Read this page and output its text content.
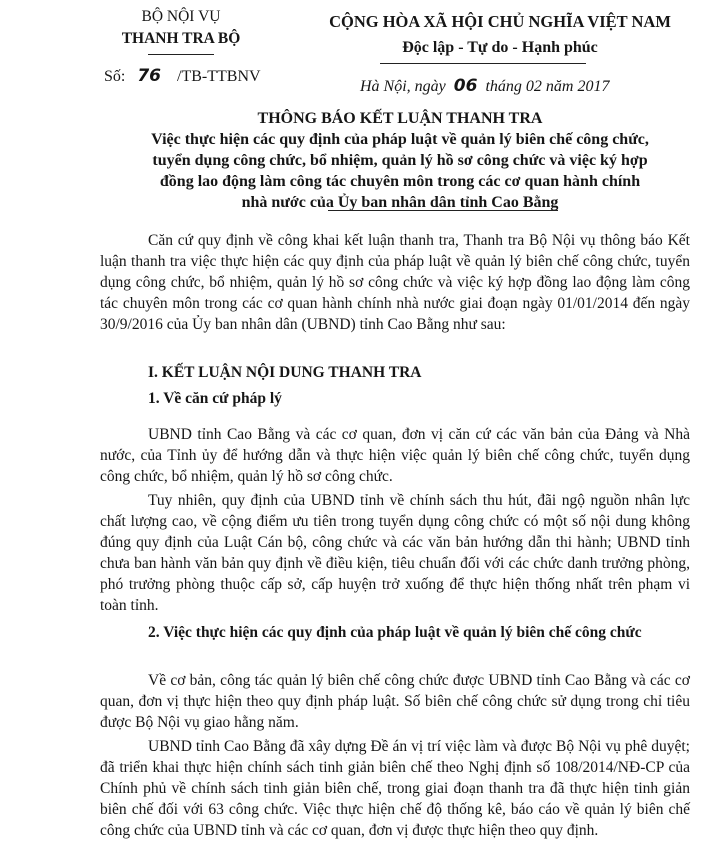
BỘ NỘI VỤ
THANH TRA BỘ
CỘNG HÒA XÃ HỘI CHỦ NGHĨA VIỆT NAM
Độc lập - Tự do - Hạnh phúc
Số: 76 /TB-TTBNV
Hà Nội, ngày 06 tháng 02 năm 2017
THÔNG BÁO KẾT LUẬN THANH TRA
Việc thực hiện các quy định của pháp luật về quản lý biên chế công chức,
tuyển dụng công chức, bổ nhiệm, quản lý hồ sơ công chức và việc ký hợp
đồng lao động làm công tác chuyên môn trong các cơ quan hành chính
nhà nước của Ủy ban nhân dân tỉnh Cao Bằng

Căn cứ quy định về công khai kết luận thanh tra, Thanh tra Bộ Nội vụ thông báo Kết luận thanh tra việc thực hiện các quy định của pháp luật về quản lý biên chế công chức, tuyển dụng công chức, bổ nhiệm, quản lý hồ sơ công chức và việc ký hợp đồng lao động làm công tác chuyên môn trong các cơ quan hành chính nhà nước giai đoạn ngày 01/01/2014 đến ngày 30/9/2016 của Ủy ban nhân dân (UBND) tỉnh Cao Bằng như sau:

I. KẾT LUẬN NỘI DUNG THANH TRA
1. Về căn cứ pháp lý

UBND tỉnh Cao Bằng và các cơ quan, đơn vị căn cứ các văn bản của Đảng và Nhà nước, của Tỉnh ủy để hướng dẫn và thực hiện việc quản lý biên chế công chức, tuyển dụng công chức, bổ nhiệm, quản lý hồ sơ công chức.

Tuy nhiên, quy định của UBND tỉnh về chính sách thu hút, đãi ngộ nguồn nhân lực chất lượng cao, về cộng điểm ưu tiên trong tuyển dụng công chức có một số nội dung không đúng quy định của Luật Cán bộ, công chức và các văn bản hướng dẫn thi hành; UBND tỉnh chưa ban hành văn bản quy định về điều kiện, tiêu chuẩn đối với các chức danh trưởng phòng, phó trưởng phòng thuộc cấp sở, cấp huyện trở xuống để thực hiện thống nhất trên phạm vi toàn tỉnh.

2. Việc thực hiện các quy định của pháp luật về quản lý biên chế công chức

Về cơ bản, công tác quản lý biên chế công chức được UBND tỉnh Cao Bằng và các cơ quan, đơn vị thực hiện theo quy định pháp luật. Số biên chế công chức sử dụng trong chỉ tiêu được Bộ Nội vụ giao hằng năm.

UBND tỉnh Cao Bằng đã xây dựng Đề án vị trí việc làm và được Bộ Nội vụ phê duyệt; đã triển khai thực hiện chính sách tinh giản biên chế theo Nghị định số 108/2014/NĐ-CP của Chính phủ về chính sách tinh giản biên chế, trong giai đoạn thanh tra đã thực hiện tinh giản biên chế đối với 63 công chức. Việc thực hiện chế độ thống kê, báo cáo về quản lý biên chế công chức của UBND tỉnh và các cơ quan, đơn vị được thực hiện theo quy định.
